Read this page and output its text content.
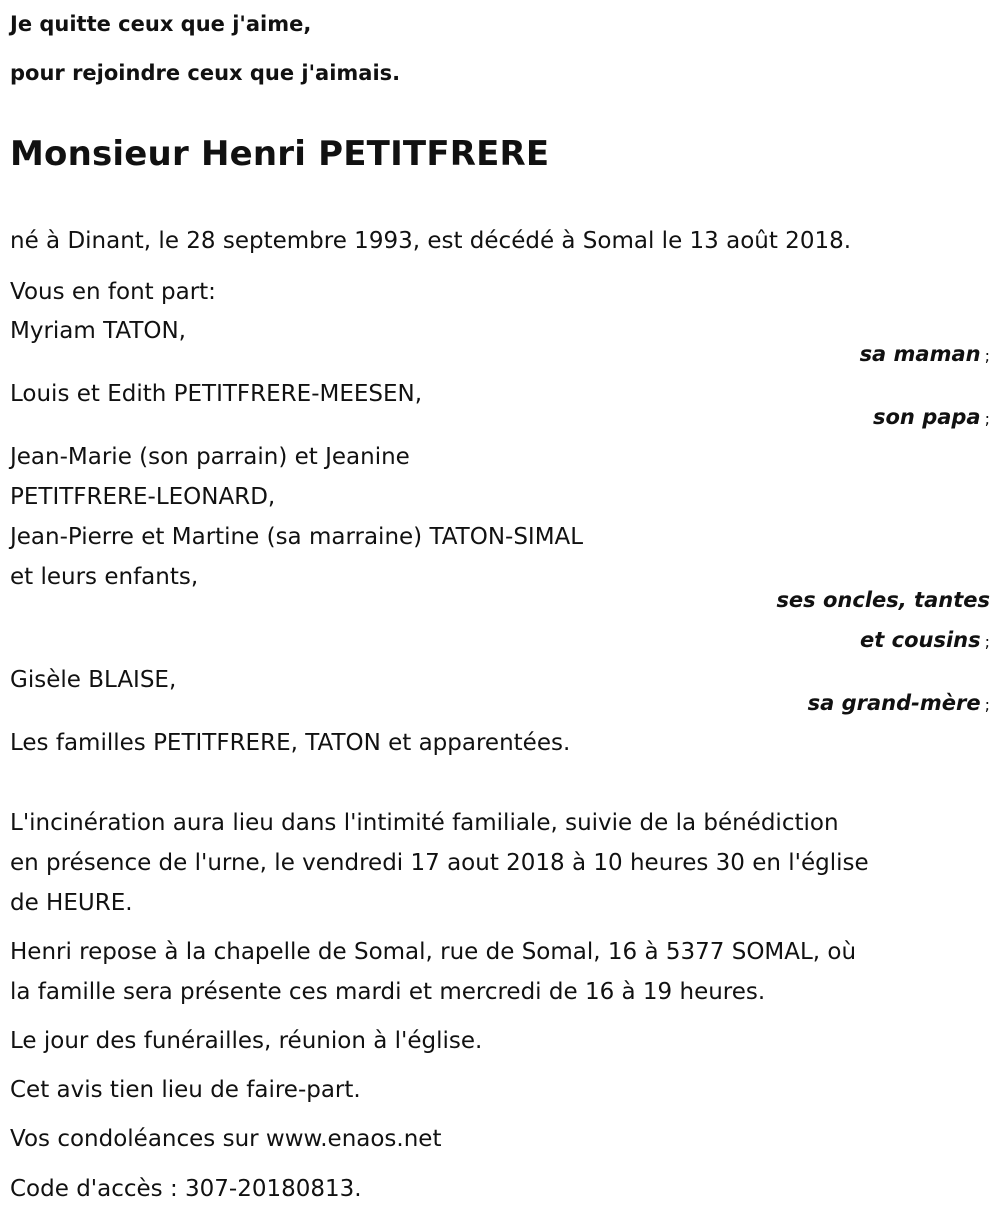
Je quitte ceux que j'aime,
pour rejoindre ceux que j'aimais.
Monsieur Henri PETITFRERE
né à Dinant, le 28 septembre 1993, est décédé à Somal le 13 août 2018.
Vous en font part:
Myriam TATON,
sa maman ;
Louis et Edith PETITFRERE-MEESEN,
son papa ;
Jean-Marie (son parrain) et Jeanine
PETITFRERE-LEONARD,
Jean-Pierre et Martine (sa marraine) TATON-SIMAL
et leurs enfants,
ses oncles, tantes
et cousins ;
Gisèle BLAISE,
sa grand-mère ;
Les familles PETITFRERE, TATON et apparentées.
L'incinération aura lieu dans l'intimité familiale, suivie de la bénédiction
en présence de l'urne, le vendredi 17 aout 2018 à 10 heures 30 en l'église
de HEURE.
Henri repose à la chapelle de Somal, rue de Somal, 16 à 5377 SOMAL, où
la famille sera présente ces mardi et mercredi de 16 à 19 heures.
Le jour des funérailles, réunion à l'église.
Cet avis tien lieu de faire-part.
Vos condoléances sur www.enaos.net
Code d'accès : 307-20180813.
